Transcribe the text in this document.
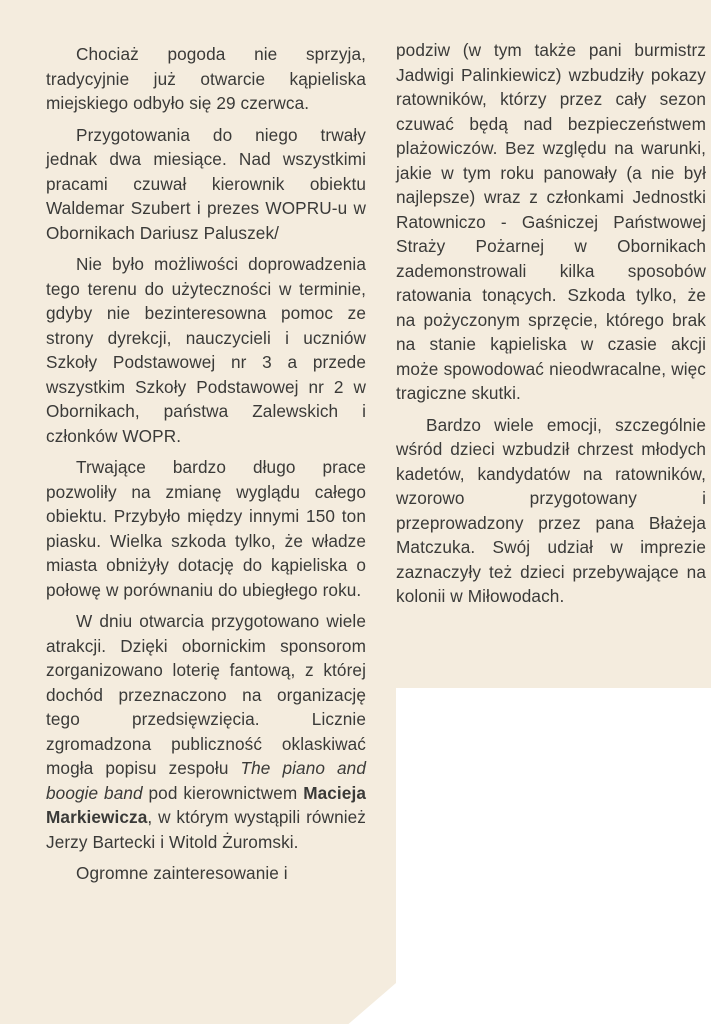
Chociaż pogoda nie sprzyja, tradycyjnie już otwarcie kąpieliska miejskiego odbyło się 29 czerwca.

Przygotowania do niego trwały jednak dwa miesiące. Nad wszystkimi pracami czuwał kierownik obiektu Waldemar Szubert i prezes WOPRU-u w Obornikach Dariusz Paluszek/

Nie było możliwości doprowadzenia tego terenu do użyteczności w terminie, gdyby nie bezinteresowna pomoc ze strony dyrekcji, nauczycieli i uczniów Szkoły Podstawowej nr 3 a przede wszystkim Szkoły Podstawowej nr 2 w Obornikach, państwa Zalewskich i członków WOPR.

Trwające bardzo długo prace pozwoliły na zmianę wyglądu całego obiektu. Przybyło między innymi 150 ton piasku. Wielka szkoda tylko, że władze miasta obniżyły dotację do kąpieliska o połowę w porównaniu do ubiegłego roku.

W dniu otwarcia przygotowano wiele atrakcji. Dzięki obornickim sponsorom zorganizowano loterię fantową, z której dochód przeznaczono na organizację tego przedsięwzięcia. Licznie zgromadzona publiczność oklaskiwać mogła popisu zespołu The piano and boogie band pod kierownictwem Macieja Markiewicza, w którym wystąpili również Jerzy Bartecki i Witold Żuromski.

Ogromne zainteresowanie i

podziw (w tym także pani burmistrz Jadwigi Palinkiewicz) wzbudziły pokazy ratowników, którzy przez cały sezon czuwać będą nad bezpieczeństwem plażowiczów. Bez względu na warunki, jakie w tym roku panowały (a nie był najlepsze) wraz z członkami Jednostki Ratowniczo - Gaśniczej Państwowej Straży Pożarnej w Obornikach zademonstrowali kilka sposobów ratowania tonących. Szkoda tylko, że na pożyczonym sprzęcie, którego brak na stanie kąpieliska w czasie akcji może spowodować nieodwracalne, więc tragiczne skutki.

Bardzo wiele emocji, szczególnie wśród dzieci wzbudził chrzest młodych kadetów, kandydatów na ratowników, wzorowo przygotowany i przeprowadzony przez pana Błażeja Matczuka. Swój udział w imprezie zaznaczyły też dzieci przebywające na kolonii w Miłowodach.
